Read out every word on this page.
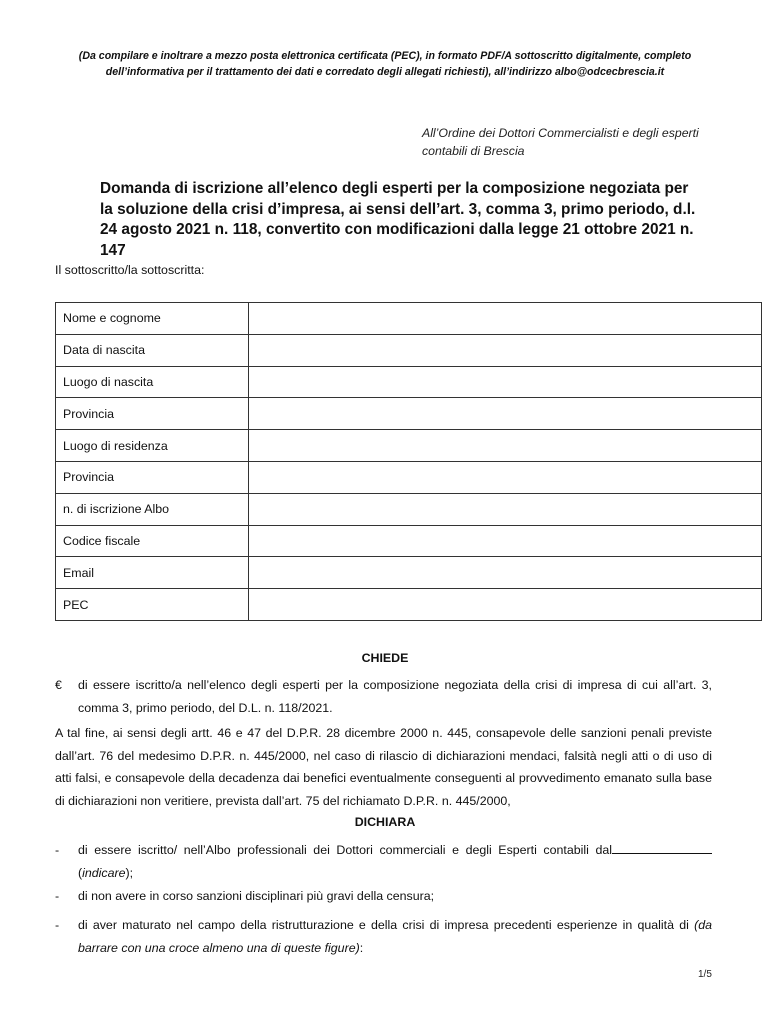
(Da compilare e inoltrare a mezzo posta elettronica certificata (PEC), in formato PDF/A sottoscritto digitalmente, completo dell’informativa per il trattamento dei dati e corredato degli allegati richiesti), all’indirizzo albo@odcecbrescia.it
All’Ordine dei Dottori Commercialisti e degli esperti contabili di Brescia
Domanda di iscrizione all’elenco degli esperti per la composizione negoziata per la soluzione della crisi d’impresa, ai sensi dell’art. 3, comma 3, primo periodo, d.l. 24 agosto 2021 n. 118, convertito con modificazioni dalla legge 21 ottobre 2021 n. 147
Il sottoscritto/la sottoscritta:
Nome e cognome	
Data di nascita	
Luogo di nascita	
Provincia	
Luogo di residenza	
Provincia	
n. di iscrizione Albo	
Codice fiscale	
Email	
PEC	
CHIEDE
€	di essere iscritto/a nell’elenco degli esperti per la composizione negoziata della crisi di impresa di cui all’art. 3, comma 3, primo periodo, del D.L. n. 118/2021.
A tal fine, ai sensi degli artt. 46 e 47 del D.P.R. 28 dicembre 2000 n. 445, consapevole delle sanzioni penali previste dall’art. 76 del medesimo D.P.R. n. 445/2000, nel caso di rilascio di dichiarazioni mendaci, falsità negli atti o di uso di atti falsi, e consapevole della decadenza dai benefici eventualmente conseguenti al provvedimento emanato sulla base di dichiarazioni non veritiere, prevista dall’art. 75 del richiamato D.P.R. n. 445/2000,
DICHIARA
-	di essere iscritto/ nell’Albo professionali dei Dottori commerciali e degli Esperti contabili dal (indicare);
-	di non avere in corso sanzioni disciplinari più gravi della censura;
-	di aver maturato nel campo della ristrutturazione e della crisi di impresa precedenti esperienze in qualità di (da barrare con una croce almeno una di queste figure):
1/5
